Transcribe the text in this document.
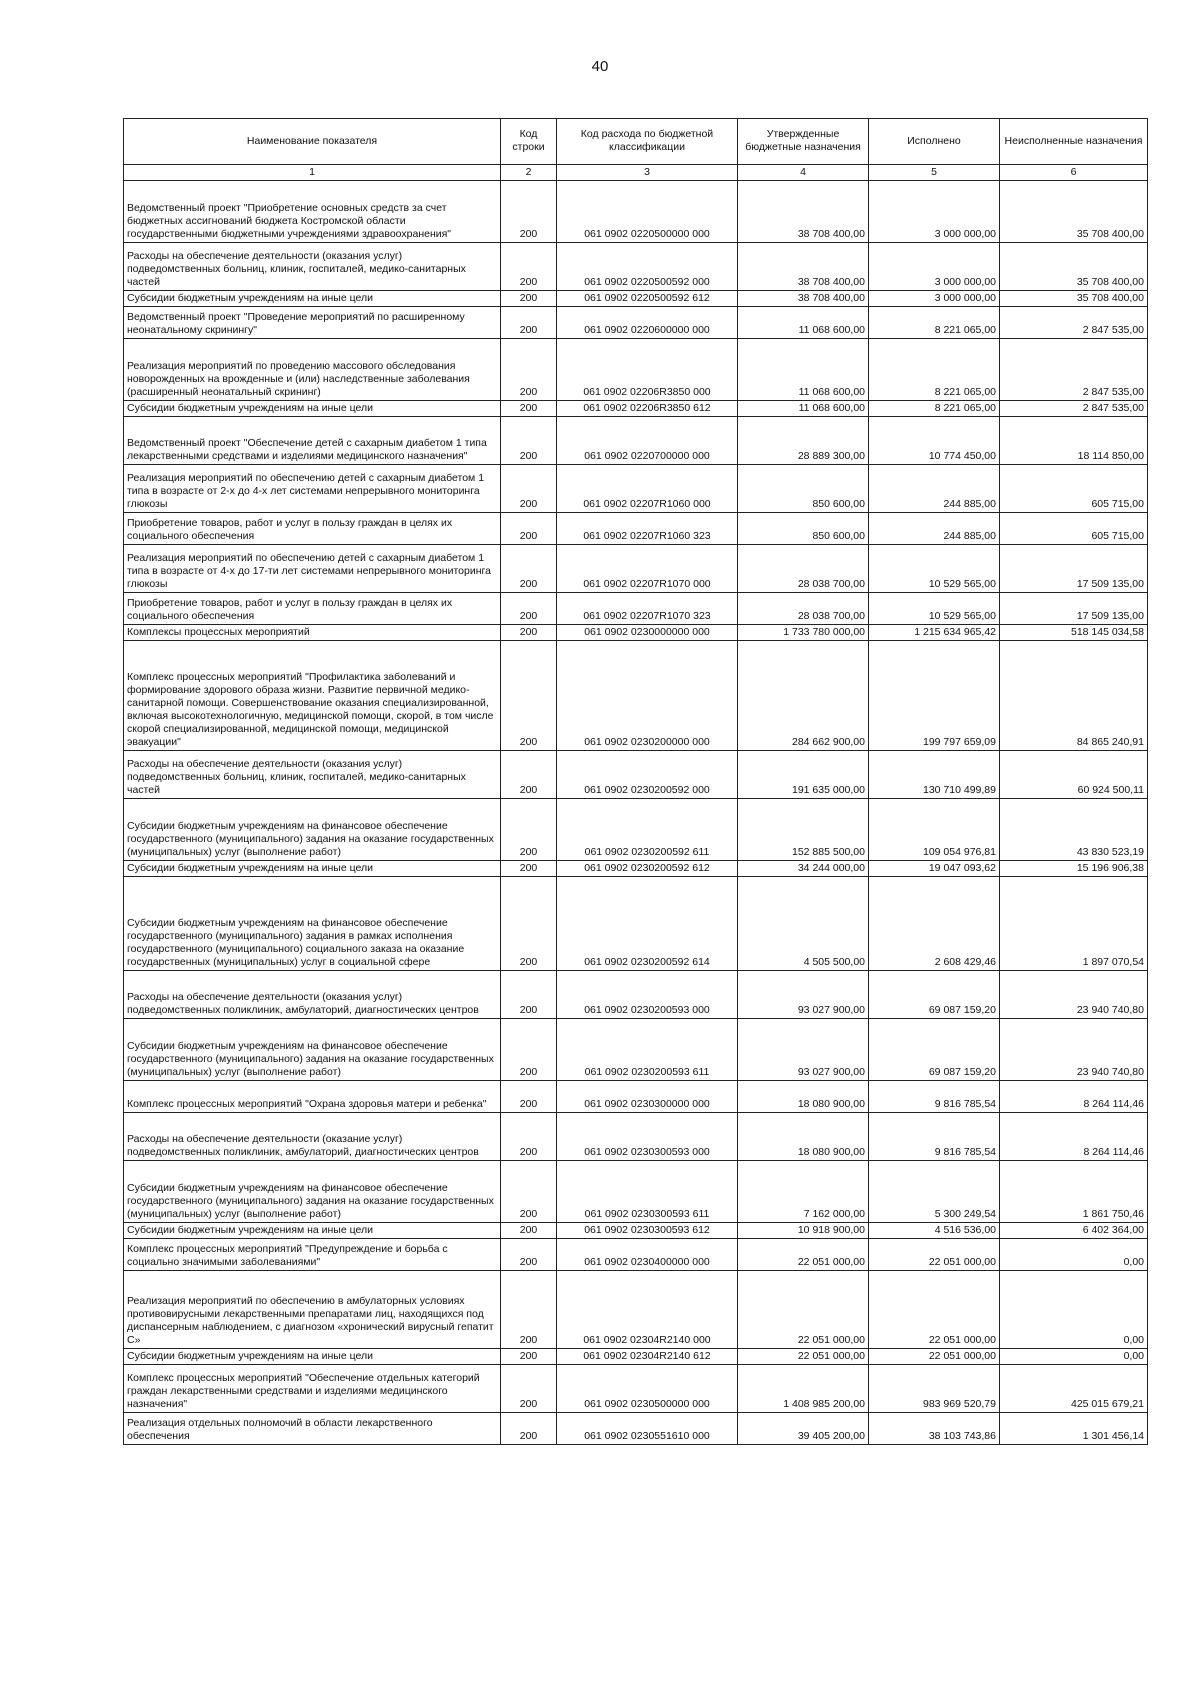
40
Наименование показателя	Код строки	Код расхода по бюджетной классификации	Утвержденные бюджетные назначения	Исполнено	Неисполненные назначения
1	2	3	4	5	6
Ведомственный проект "Приобретение основных средств за счет бюджетных ассигнований бюджета Костромской области государственными бюджетными учреждениями здравоохранения"	200	061 0902 0220500000 000	38 708 400,00	3 000 000,00	35 708 400,00
Расходы на обеспечение деятельности (оказания услуг) подведомственных больниц, клиник, госпиталей, медико-санитарных частей	200	061 0902 0220500592 000	38 708 400,00	3 000 000,00	35 708 400,00
Субсидии бюджетным учреждениям на иные цели	200	061 0902 0220500592 612	38 708 400,00	3 000 000,00	35 708 400,00
Ведомственный проект "Проведение мероприятий по расширенному неонатальному скринингу"	200	061 0902 0220600000 000	11 068 600,00	8 221 065,00	2 847 535,00
Реализация мероприятий по проведению массового обследования новорожденных на врожденные и (или) наследственные заболевания (расширенный неонатальный скрининг)	200	061 0902 02206R3850 000	11 068 600,00	8 221 065,00	2 847 535,00
Субсидии бюджетным учреждениям на иные цели	200	061 0902 02206R3850 612	11 068 600,00	8 221 065,00	2 847 535,00
Ведомственный проект "Обеспечение детей с сахарным диабетом 1 типа лекарственными средствами и изделиями медицинского назначения"	200	061 0902 0220700000 000	28 889 300,00	10 774 450,00	18 114 850,00
Реализация мероприятий по обеспечению детей с сахарным диабетом 1 типа в возрасте от 2-х до 4-х лет системами непрерывного мониторинга глюкозы	200	061 0902 02207R1060 000	850 600,00	244 885,00	605 715,00
Приобретение товаров, работ и услуг в пользу граждан в целях их социального обеспечения	200	061 0902 02207R1060 323	850 600,00	244 885,00	605 715,00
Реализация мероприятий по обеспечению детей с сахарным диабетом 1 типа в возрасте от 4-х до 17-ти лет системами непрерывного мониторинга глюкозы	200	061 0902 02207R1070 000	28 038 700,00	10 529 565,00	17 509 135,00
Приобретение товаров, работ и услуг в пользу граждан в целях их социального обеспечения	200	061 0902 02207R1070 323	28 038 700,00	10 529 565,00	17 509 135,00
Комплексы процессных мероприятий	200	061 0902 0230000000 000	1 733 780 000,00	1 215 634 965,42	518 145 034,58
Комплекс процессных мероприятий "Профилактика заболеваний и формирование здорового образа жизни. Развитие первичной медико-санитарной помощи. Совершенствование оказания специализированной, включая высокотехнологичную, медицинской помощи, скорой, в том числе скорой специализированной, медицинской помощи, медицинской эвакуации"	200	061 0902 0230200000 000	284 662 900,00	199 797 659,09	84 865 240,91
Расходы на обеспечение деятельности (оказания услуг) подведомственных больниц, клиник, госпиталей, медико-санитарных частей	200	061 0902 0230200592 000	191 635 000,00	130 710 499,89	60 924 500,11
Субсидии бюджетным учреждениям на финансовое обеспечение государственного (муниципального) задания на оказание государственных (муниципальных) услуг (выполнение работ)	200	061 0902 0230200592 611	152 885 500,00	109 054 976,81	43 830 523,19
Субсидии бюджетным учреждениям на иные цели	200	061 0902 0230200592 612	34 244 000,00	19 047 093,62	15 196 906,38
Субсидии бюджетным учреждениям на финансовое обеспечение государственного (муниципального) задания в рамках исполнения государственного (муниципального) социального заказа на оказание государственных (муниципальных) услуг в социальной сфере	200	061 0902 0230200592 614	4 505 500,00	2 608 429,46	1 897 070,54
Расходы на обеспечение деятельности (оказания услуг) подведомственных поликлиник, амбулаторий, диагностических центров	200	061 0902 0230200593 000	93 027 900,00	69 087 159,20	23 940 740,80
Субсидии бюджетным учреждениям на финансовое обеспечение государственного (муниципального) задания на оказание государственных (муниципальных) услуг (выполнение работ)	200	061 0902 0230200593 611	93 027 900,00	69 087 159,20	23 940 740,80
Комплекс процессных мероприятий "Охрана здоровья матери и ребенка"	200	061 0902 0230300000 000	18 080 900,00	9 816 785,54	8 264 114,46
Расходы на обеспечение деятельности (оказание услуг) подведомственных поликлиник, амбулаторий, диагностических центров	200	061 0902 0230300593 000	18 080 900,00	9 816 785,54	8 264 114,46
Субсидии бюджетным учреждениям на финансовое обеспечение государственного (муниципального) задания на оказание государственных (муниципальных) услуг (выполнение работ)	200	061 0902 0230300593 611	7 162 000,00	5 300 249,54	1 861 750,46
Субсидии бюджетным учреждениям на иные цели	200	061 0902 0230300593 612	10 918 900,00	4 516 536,00	6 402 364,00
Комплекс процессных мероприятий "Предупреждение и борьба с социально значимыми заболеваниями"	200	061 0902 0230400000 000	22 051 000,00	22 051 000,00	0,00
Реализация мероприятий по обеспечению в амбулаторных условиях противовирусными лекарственными препаратами лиц, находящихся под диспансерным наблюдением, с диагнозом «хронический вирусный гепатит С»	200	061 0902 02304R2140 000	22 051 000,00	22 051 000,00	0,00
Субсидии бюджетным учреждениям на иные цели	200	061 0902 02304R2140 612	22 051 000,00	22 051 000,00	0,00
Комплекс процессных мероприятий "Обеспечение отдельных категорий граждан лекарственными средствами и изделиями медицинского назначения"	200	061 0902 0230500000 000	1 408 985 200,00	983 969 520,79	425 015 679,21
Реализация отдельных полномочий в области лекарственного обеспечения	200	061 0902 0230551610 000	39 405 200,00	38 103 743,86	1 301 456,14
